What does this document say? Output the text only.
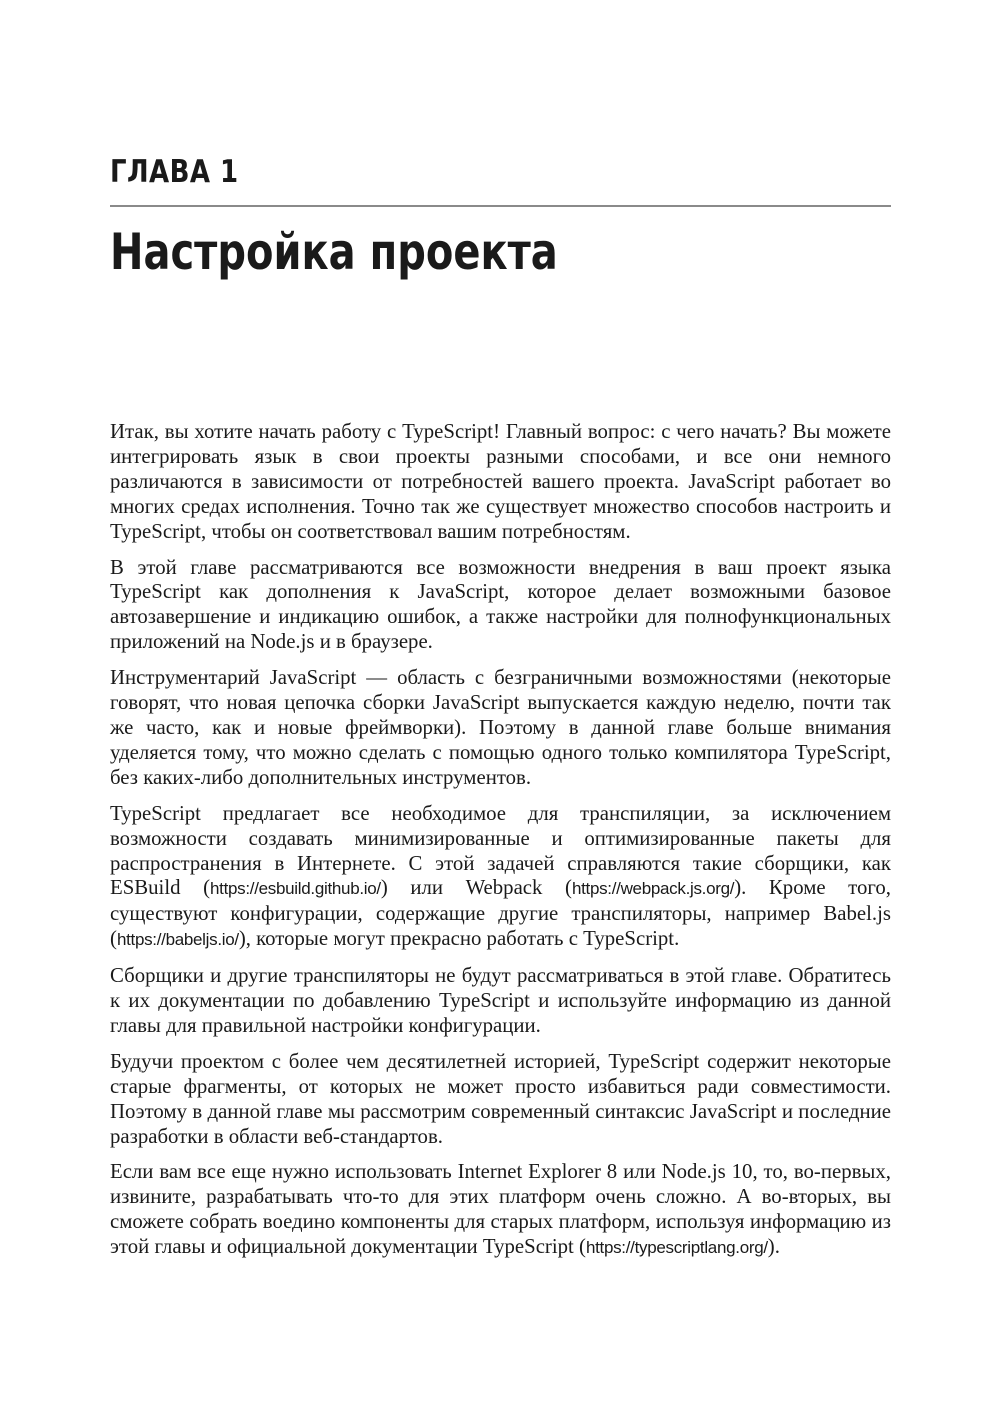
ГЛАВА 1
Настройка проекта

Итак, вы хотите начать работу с TypeScript! Главный вопрос: с чего начать? Вы можете интегрировать язык в свои проекты разными способами, и все они немного различаются в зависимости от потребностей вашего проекта. JavaScript работает во многих средах исполнения. Точно так же существует множество способов настроить и TypeScript, чтобы он соответствовал вашим потребностям.

В этой главе рассматриваются все возможности внедрения в ваш проект языка TypeScript как дополнения к JavaScript, которое делает возможными базовое автозавершение и индикацию ошибок, а также настройки для полнофункциональных приложений на Node.js и в браузере.

Инструментарий JavaScript — область с безграничными возможностями (некоторые говорят, что новая цепочка сборки JavaScript выпускается каждую неделю, почти так же часто, как и новые фреймворки). Поэтому в данной главе больше внимания уделяется тому, что можно сделать с помощью одного только компилятора TypeScript, без каких-либо дополнительных инструментов.

TypeScript предлагает все необходимое для транспиляции, за исключением возможности создавать минимизированные и оптимизированные пакеты для распространения в Интернете. С этой задачей справляются такие сборщики, как ESBuild (https://esbuild.github.io/) или Webpack (https://webpack.js.org/). Кроме того, существуют конфигурации, содержащие другие транспиляторы, например Babel.js (https://babeljs.io/), которые могут прекрасно работать с TypeScript.

Сборщики и другие транспиляторы не будут рассматриваться в этой главе. Обратитесь к их документации по добавлению TypeScript и используйте информацию из данной главы для правильной настройки конфигурации.

Будучи проектом с более чем десятилетней историей, TypeScript содержит некоторые старые фрагменты, от которых не может просто избавиться ради совместимости. Поэтому в данной главе мы рассмотрим современный синтаксис JavaScript и последние разработки в области веб-стандартов.

Если вам все еще нужно использовать Internet Explorer 8 или Node.js 10, то, во-первых, извините, разрабатывать что-то для этих платформ очень сложно. А во-вторых, вы сможете собрать воедино компоненты для старых платформ, используя информацию из этой главы и официальной документации TypeScript (https://typescriptlang.org/).
